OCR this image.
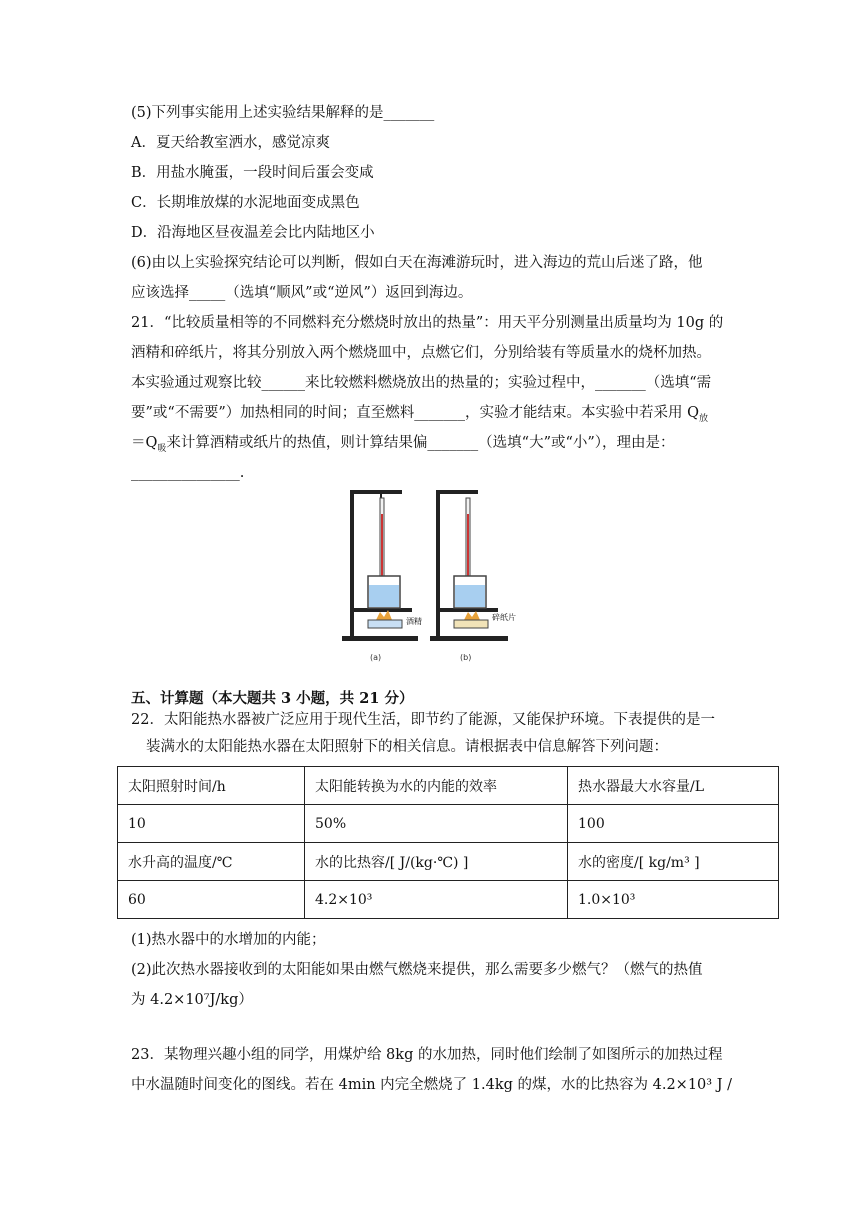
(5)下列事实能用上述实验结果解释的是_______
A．夏天给教室洒水，感觉凉爽
B．用盐水腌蛋，一段时间后蛋会变咸
C．长期堆放煤的水泥地面变成黑色
D．沿海地区昼夜温差会比内陆地区小
(6)由以上实验探究结论可以判断，假如白天在海滩游玩时，进入海边的荒山后迷了路，他
应该选择_____（选填“顺风”或“逆风”）返回到海边。
21．“比较质量相等的不同燃料充分燃烧时放出的热量”：用天平分别测量出质量均为 10g 的
酒精和碎纸片，将其分别放入两个燃烧皿中，点燃它们，分别给装有等质量水的烧杯加热。
本实验通过观察比较______来比较燃料燃烧放出的热量的；实验过程中，_______（选填“需
要”或“不需要”）加热相同的时间；直至燃料_______，实验才能结束。本实验中若采用 $Q_放$
$=Q_吸$来计算酒精或纸片的热值，则计算结果偏_______（选填“大”或“小”），理由是：
_______________.
酒精
(a)
碎纸片
(b)
五、计算题（本大题共 3 小题，共 21 分）
22．太阳能热水器被广泛应用于现代生活，即节约了能源，又能保护环境。下表提供的是一
装满水的太阳能热水器在太阳照射下的相关信息。请根据表中信息解答下列问题：
太阳照射时间/h	太阳能转换为水的内能的效率	热水器最大水容量/L
10	50%	100
水升高的温度/℃	水的比热容/[ J/(kg·℃) ]	水的密度/[ kg/m³ ]
60	4.2×10³	1.0×10³
(1)热水器中的水增加的内能；
(2)此次热水器接收到的太阳能如果由燃气燃烧来提供，那么需要多少燃气？（燃气的热值
为 4.2×10⁷J/kg）
23．某物理兴趣小组的同学，用煤炉给 8kg 的水加热，同时他们绘制了如图所示的加热过程
中水温随时间变化的图线。若在 4min 内完全燃烧了 1.4kg 的煤，水的比热容为 4.2×10³ J /
